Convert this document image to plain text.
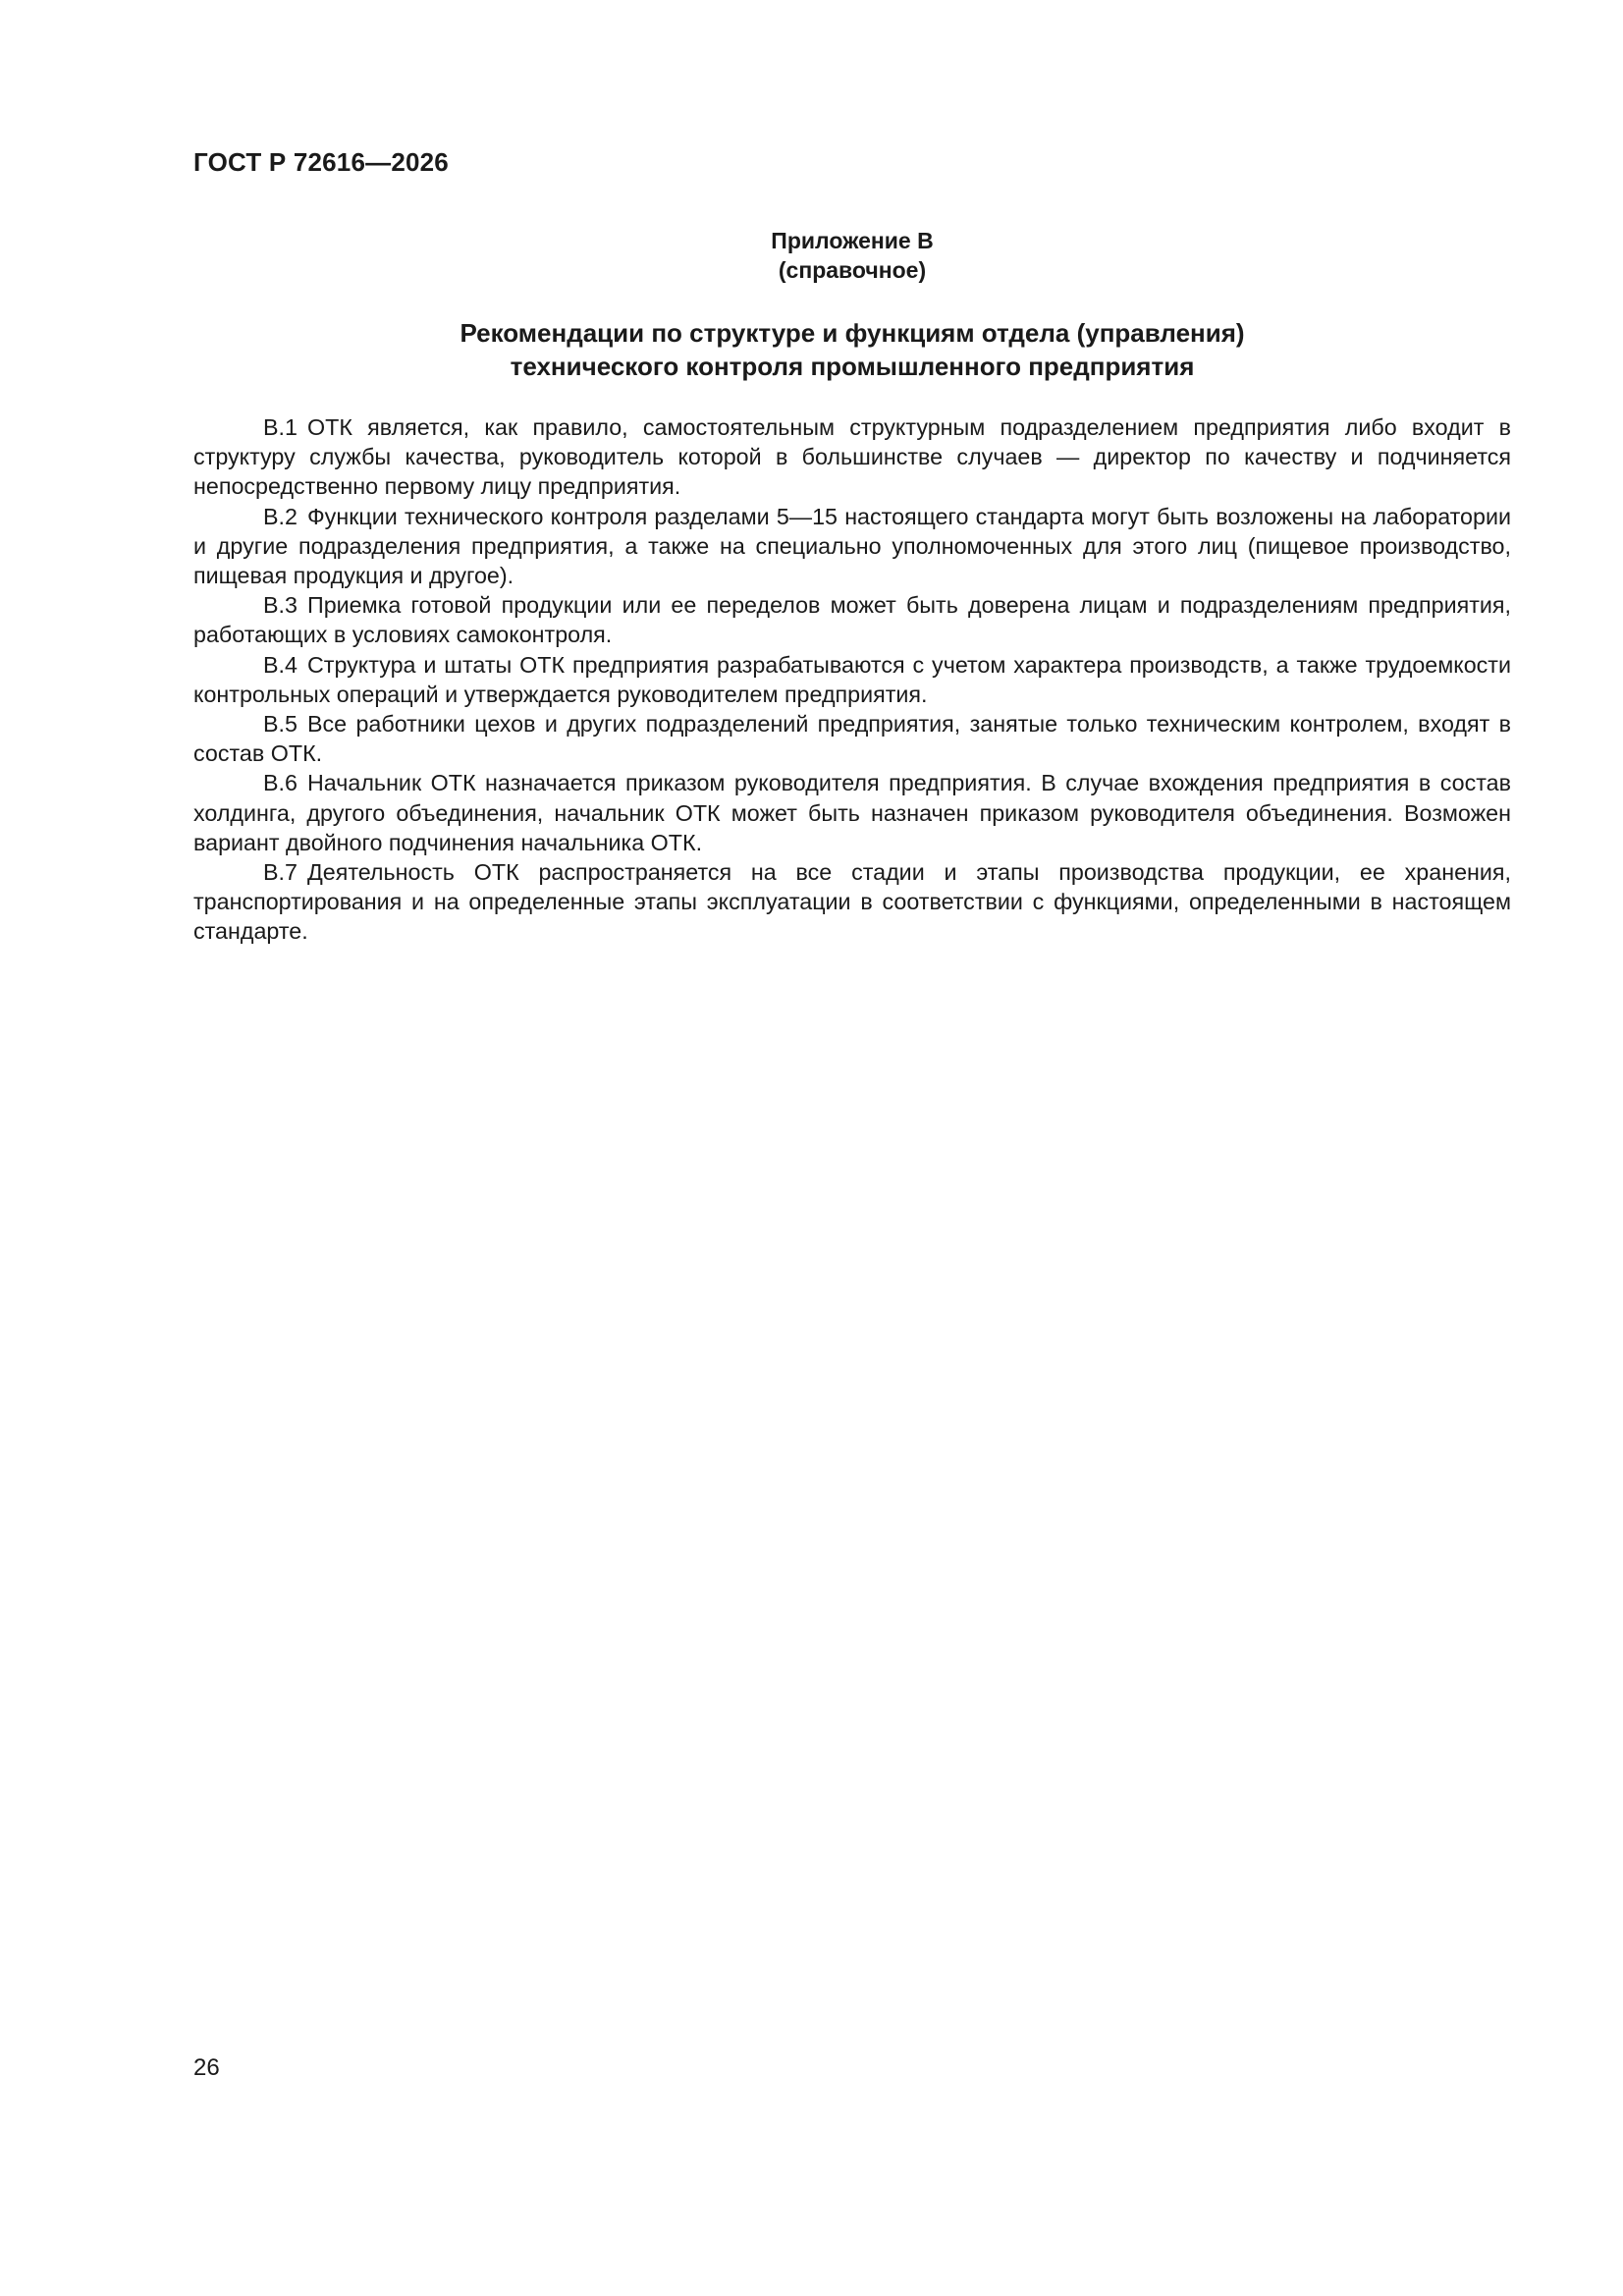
ГОСТ Р 72616—2026
Приложение В
(справочное)
Рекомендации по структуре и функциям отдела (управления)
технического контроля промышленного предприятия

В.1 ОТК является, как правило, самостоятельным структурным подразделением предприятия либо входит в структуру службы качества, руководитель которой в большинстве случаев — директор по качеству и подчиняется непосредственно первому лицу предприятия.

В.2 Функции технического контроля разделами 5—15 настоящего стандарта могут быть возложены на лаборатории и другие подразделения предприятия, а также на специально уполномоченных для этого лиц (пищевое производство, пищевая продукция и другое).

В.3 Приемка готовой продукции или ее переделов может быть доверена лицам и подразделениям предприятия, работающих в условиях самоконтроля.

В.4 Структура и штаты ОТК предприятия разрабатываются с учетом характера производств, а также трудоемкости контрольных операций и утверждается руководителем предприятия.

В.5 Все работники цехов и других подразделений предприятия, занятые только техническим контролем, входят в состав ОТК.

В.6 Начальник ОТК назначается приказом руководителя предприятия. В случае вхождения предприятия в состав холдинга, другого объединения, начальник ОТК может быть назначен приказом руководителя объединения. Возможен вариант двойного подчинения начальника ОТК.

В.7 Деятельность ОТК распространяется на все стадии и этапы производства продукции, ее хранения, транспортирования и на определенные этапы эксплуатации в соответствии с функциями, определенными в настоящем стандарте.

26
